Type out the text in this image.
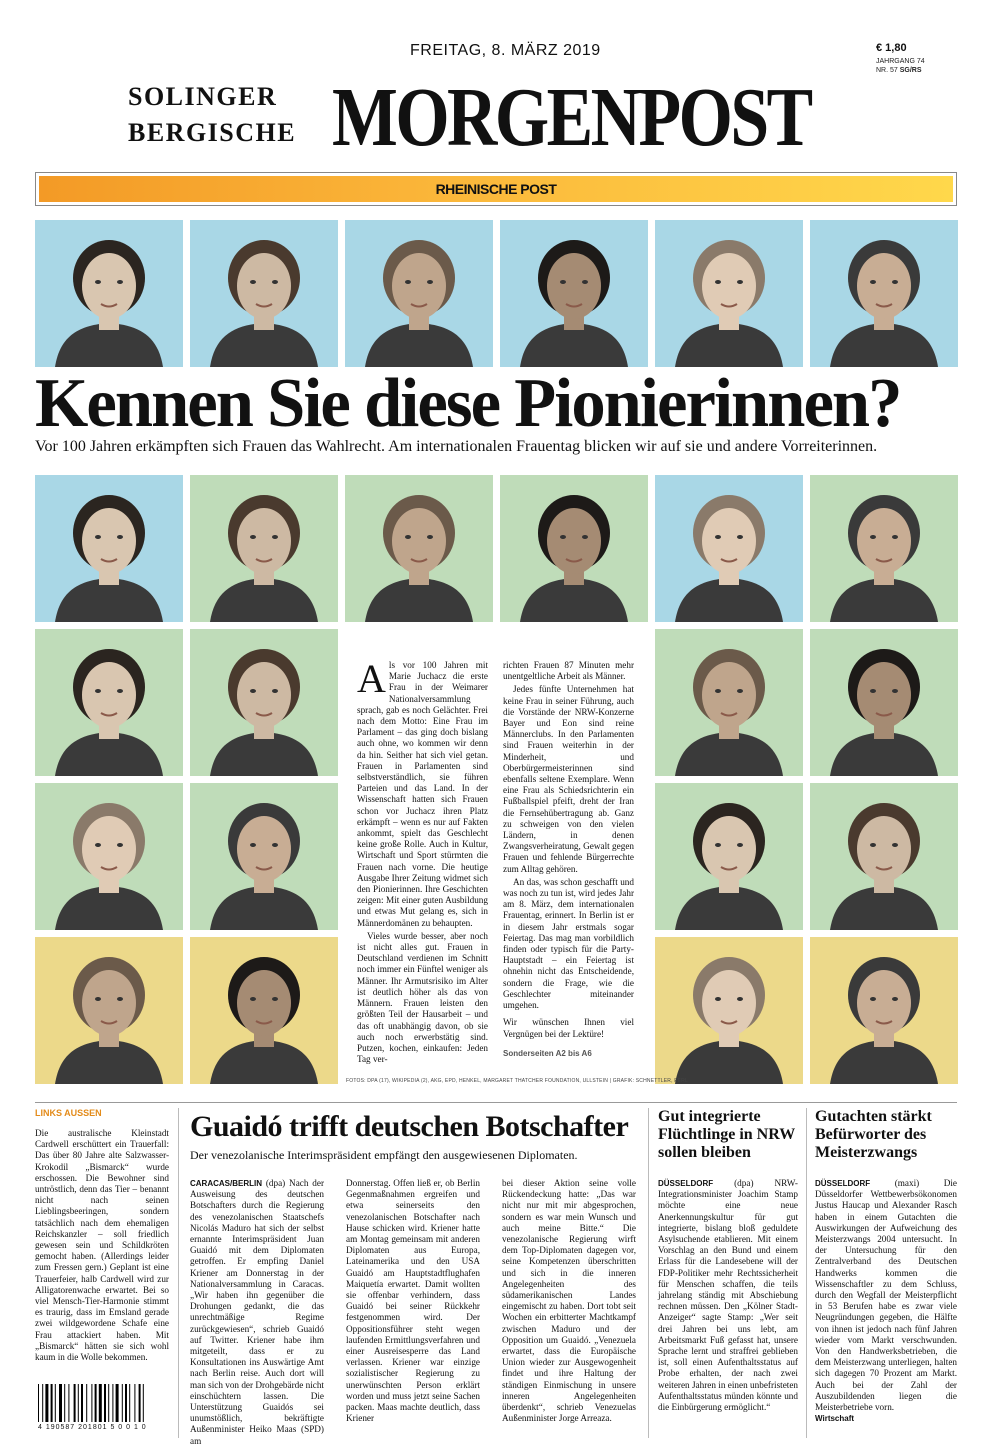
FREITAG, 8. MÄRZ 2019	€ 1,80
JAHRGANG 74
NR. 57 SG/RS
SOLINGER
BERGISCHE MORGENPOST
RHEINISCHE POST
Kennen Sie diese Pionierinnen?

Vor 100 Jahren erkämpften sich Frauen das Wahlrecht. Am internationalen Frauentag blicken wir auf sie und andere Vorreiterinnen.

A ls vor 100 Jahren mit Marie Juchacz die erste Frau in der Weimarer Nationalversammlung sprach, gab es noch Gelächter. Frei nach dem Motto: Eine Frau im Parlament – das ging doch bislang auch ohne, wo kommen wir denn da hin. Seither hat sich viel getan. Frauen in Parlamenten sind selbstverständlich, sie führen Parteien und das Land. In der Wissenschaft hatten sich Frauen schon vor Juchacz ihren Platz erkämpft – wenn es nur auf Fakten ankommt, spielt das Geschlecht keine große Rolle. Auch in Kultur, Wirtschaft und Sport stürmten die Frauen nach vorne. Die heutige Ausgabe Ihrer Zeitung widmet sich den Pionierinnen. Ihre Geschichten zeigen: Mit einer guten Ausbildung und etwas Mut gelang es, sich in Männerdomänen zu behaupten.

Vieles wurde besser, aber noch ist nicht alles gut. Frauen in Deutschland verdienen im Schnitt noch immer ein Fünftel weniger als Männer. Ihr Armutsrisiko im Alter ist deutlich höher als das von Männern. Frauen leisten den größten Teil der Hausarbeit – und das oft unabhängig davon, ob sie auch noch erwerbstätig sind. Putzen, kochen, einkaufen: Jeden Tag ver-

richten Frauen 87 Minuten mehr unentgeltliche Arbeit als Männer.

Jedes fünfte Unternehmen hat keine Frau in seiner Führung, auch die Vorstände der NRW-Konzerne Bayer und Eon sind reine Männerclubs. In den Parlamenten sind Frauen weiterhin in der Minderheit, und Oberbürgermeisterinnen sind ebenfalls seltene Exemplare. Wenn eine Frau als Schiedsrichterin ein Fußballspiel pfeift, dreht der Iran die Fernsehübertragung ab. Ganz zu schweigen von den vielen Ländern, in denen Zwangsverheiratung, Gewalt gegen Frauen und fehlende Bürgerrechte zum Alltag gehören.

An das, was schon geschafft und was noch zu tun ist, wird jedes Jahr am 8. März, dem internationalen Frauentag, erinnert. In Berlin ist er in diesem Jahr erstmals sogar Feiertag. Das mag man vorbildlich finden oder typisch für die Party-Hauptstadt – ein Feiertag ist ohnehin nicht das Entscheidende, sondern die Frage, wie die Geschlechter miteinander umgehen.

Wir wünschen Ihnen viel Vergnügen bei der Lektüre!

Sonderseiten A2 bis A6
FOTOS: DPA (17), WIKIPEDIA (2), AKG, EPD, HENKEL, MARGARET THATCHER FOUNDATION, ULLSTEIN | GRAFIK: SCHNETTLER, FERL
LINKS AUSSEN
Die australische Kleinstadt Cardwell erschüttert ein Trauerfall: Das über 80 Jahre alte Salzwasser-Krokodil „Bismarck“ wurde erschossen. Die Bewohner sind untröstlich, denn das Tier – benannt nicht nach seinen Lieblingsbeeringen, sondern tatsächlich nach dem ehemaligen Reichskanzler – soll friedlich gewesen sein und Schildkröten gemocht haben. (Allerdings leider zum Fressen gern.) Geplant ist eine Trauerfeier, halb Cardwell wird zur Alligatorenwache erwartet. Bei so viel Mensch-Tier-Harmonie stimmt es traurig, dass im Emsland gerade zwei wildgewordene Schafe eine Frau attackiert haben. Mit „Bismarck“ hätten sie sich wohl kaum in die Wolle bekommen.
4 190587 201801 5 0 0 1 0
Guaidó trifft deutschen Botschafter
Der venezolanische Interimspräsident empfängt den ausgewiesenen Diplomaten.
CARACAS/BERLIN (dpa) Nach der Ausweisung des deutschen Botschafters durch die Regierung des venezolanischen Staatschefs Nicolás Maduro hat sich der selbst ernannte Interimspräsident Juan Guaidó mit dem Diplomaten getroffen. Er empfing Daniel Kriener am Donnerstag in der Nationalversammlung in Caracas. „Wir haben ihn gegenüber die Drohungen gedankt, die das unrechtmäßige Regime zurückgewiesen“, schrieb Guaidó auf Twitter. Kriener habe ihm mitgeteilt, dass er zu Konsultationen ins Auswärtige Amt nach Berlin reise. Auch dort will man sich von der Drohgebärde nicht einschüchtern lassen. Die Unterstützung Guaidós sei unumstößlich, bekräftigte Außenminister Heiko Maas (SPD) am
Donnerstag. Offen ließ er, ob Berlin Gegenmaßnahmen ergreifen und etwa seinerseits den venezolanischen Botschafter nach Hause schicken wird. Kriener hatte am Montag gemeinsam mit anderen Diplomaten aus Europa, Lateinamerika und den USA Guaidó am Hauptstadtflughafen Maiquetía erwartet. Damit wollten sie offenbar verhindern, dass Guaidó bei seiner Rückkehr festgenommen wird. Der Oppositionsführer steht wegen laufenden Ermittlungsverfahren und einer Ausreisesperre das Land verlassen. Kriener war einzige sozialistischer Regierung zu unerwünschten Person erklärt worden und muss jetzt seine Sachen packen. Maas machte deutlich, dass Kriener
bei dieser Aktion seine volle Rückendeckung hatte: „Das war nicht nur mit mir abgesprochen, sondern es war mein Wunsch und auch meine Bitte.“ Die venezolanische Regierung wirft dem Top-Diplomaten dagegen vor, seine Kompetenzen überschritten und sich in die inneren Angelegenheiten des südamerikanischen Landes eingemischt zu haben. Dort tobt seit Wochen ein erbitterter Machtkampf zwischen Maduro und der Opposition um Guaidó. „Venezuela erwartet, dass die Europäische Union wieder zur Ausgewogenheit findet und ihre Haltung der ständigen Einmischung in unsere inneren Angelegenheiten überdenkt“, schrieb Venezuelas Außenminister Jorge Arreaza.
Gut integrierte Flüchtlinge in NRW sollen bleiben
DÜSSELDORF (dpa) NRW-Integrationsminister Joachim Stamp möchte eine neue Anerkennungskultur für gut integrierte, bislang bloß geduldete Asylsuchende etablieren. Mit einem Vorschlag an den Bund und einem Erlass für die Landesebene will der FDP-Politiker mehr Rechtssicherheit für Menschen schaffen, die teils jahrelang ständig mit Abschiebung rechnen müssen. Den „Kölner Stadt-Anzeiger“ sagte Stamp: „Wer seit drei Jahren bei uns lebt, am Arbeitsmarkt Fuß gefasst hat, unsere Sprache lernt und straffrei geblieben ist, soll einen Aufenthaltsstatus auf Probe erhalten, der nach zwei weiteren Jahren in einen unbefristeten Aufenthaltsstatus münden könnte und die Einbürgerung ermöglicht.“
Gutachten stärkt Befürworter des Meisterzwangs
DÜSSELDORF	(maxi) Die Düsseldorfer Wettbewerbsökonomen Justus Haucap und Alexander Rasch haben in einem Gutachten die Auswirkungen der Aufweichung des Meisterzwangs 2004 untersucht. In der Untersuchung für den Zentralverband des Deutschen Handwerks kommen die Wissenschaftler zu dem Schluss, durch den Wegfall der Meisterpflicht in 53 Berufen habe es zwar viele Neugründungen gegeben, die Hälfte von ihnen ist jedoch nach fünf Jahren wieder vom Markt verschwunden. Von den Handwerksbetrieben, die dem Meisterzwang unterliegen, halten sich dagegen 70 Prozent am Markt. Auch bei der Zahl der Auszubildenden liegen die Meisterbetriebe vorn.
Wirtschaft
